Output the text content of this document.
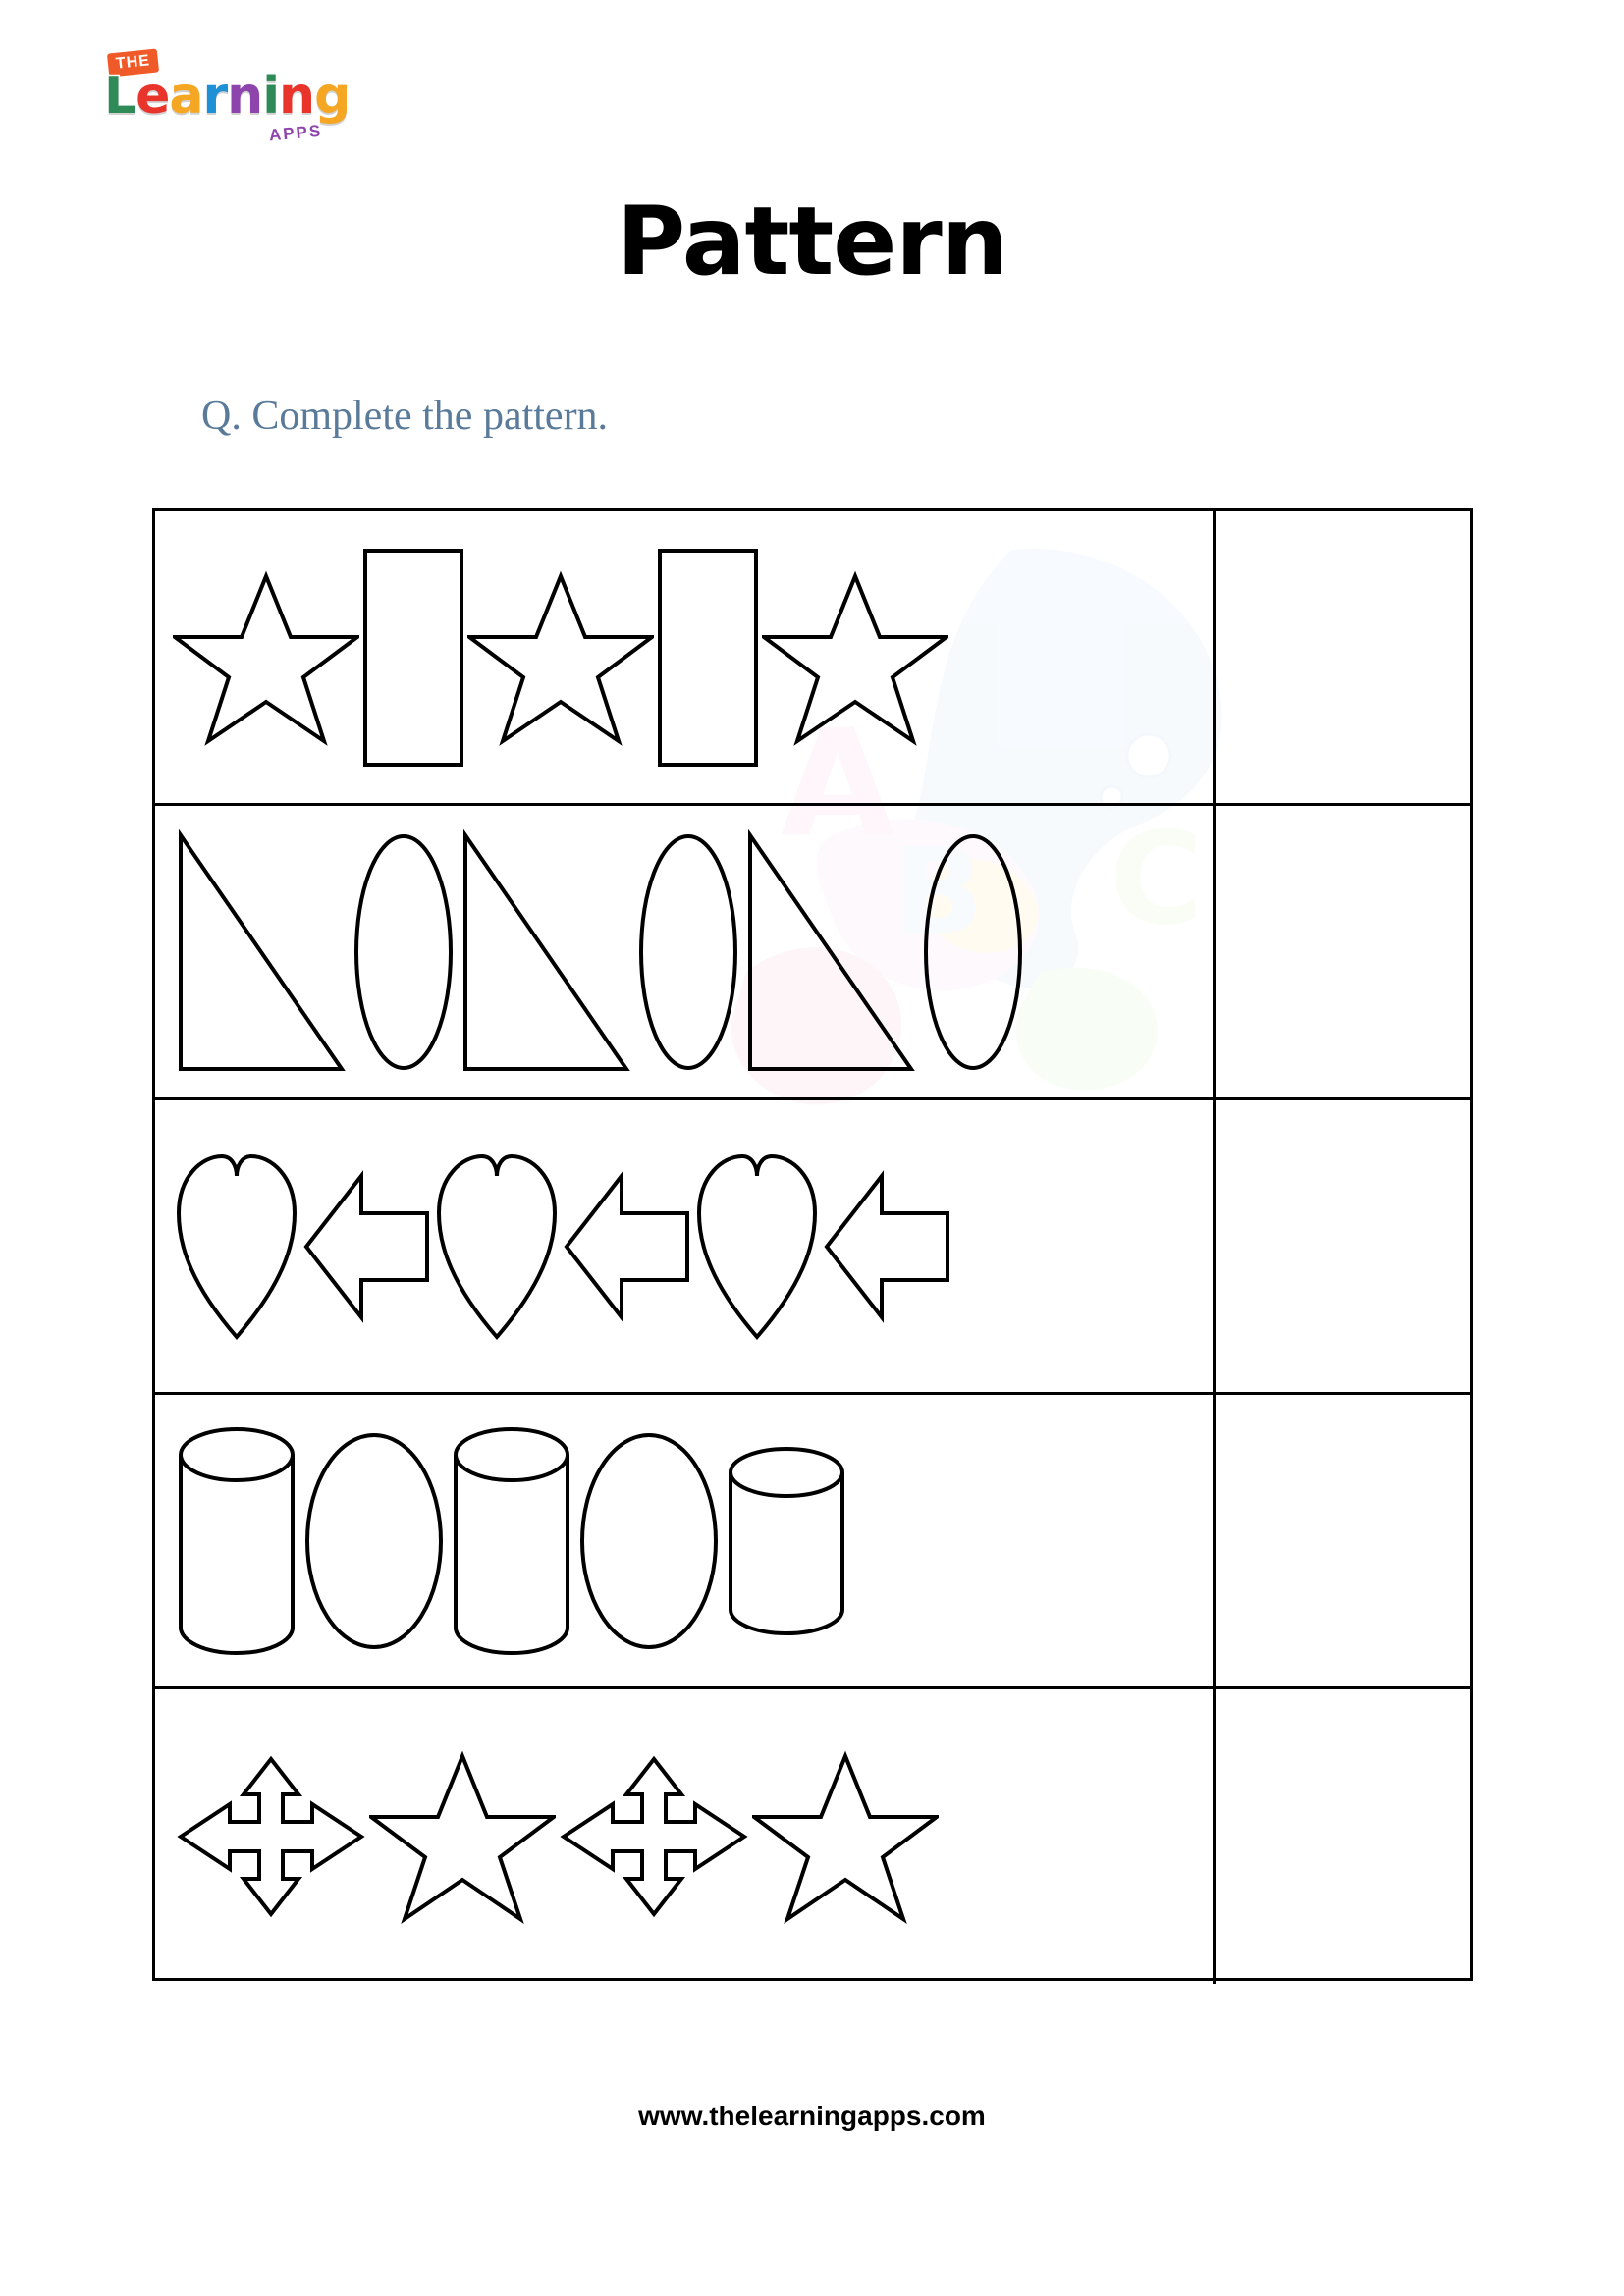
THE
Learning
APPS
Pattern
Q. Complete the pattern.
A
B C
www.thelearningapps.com
